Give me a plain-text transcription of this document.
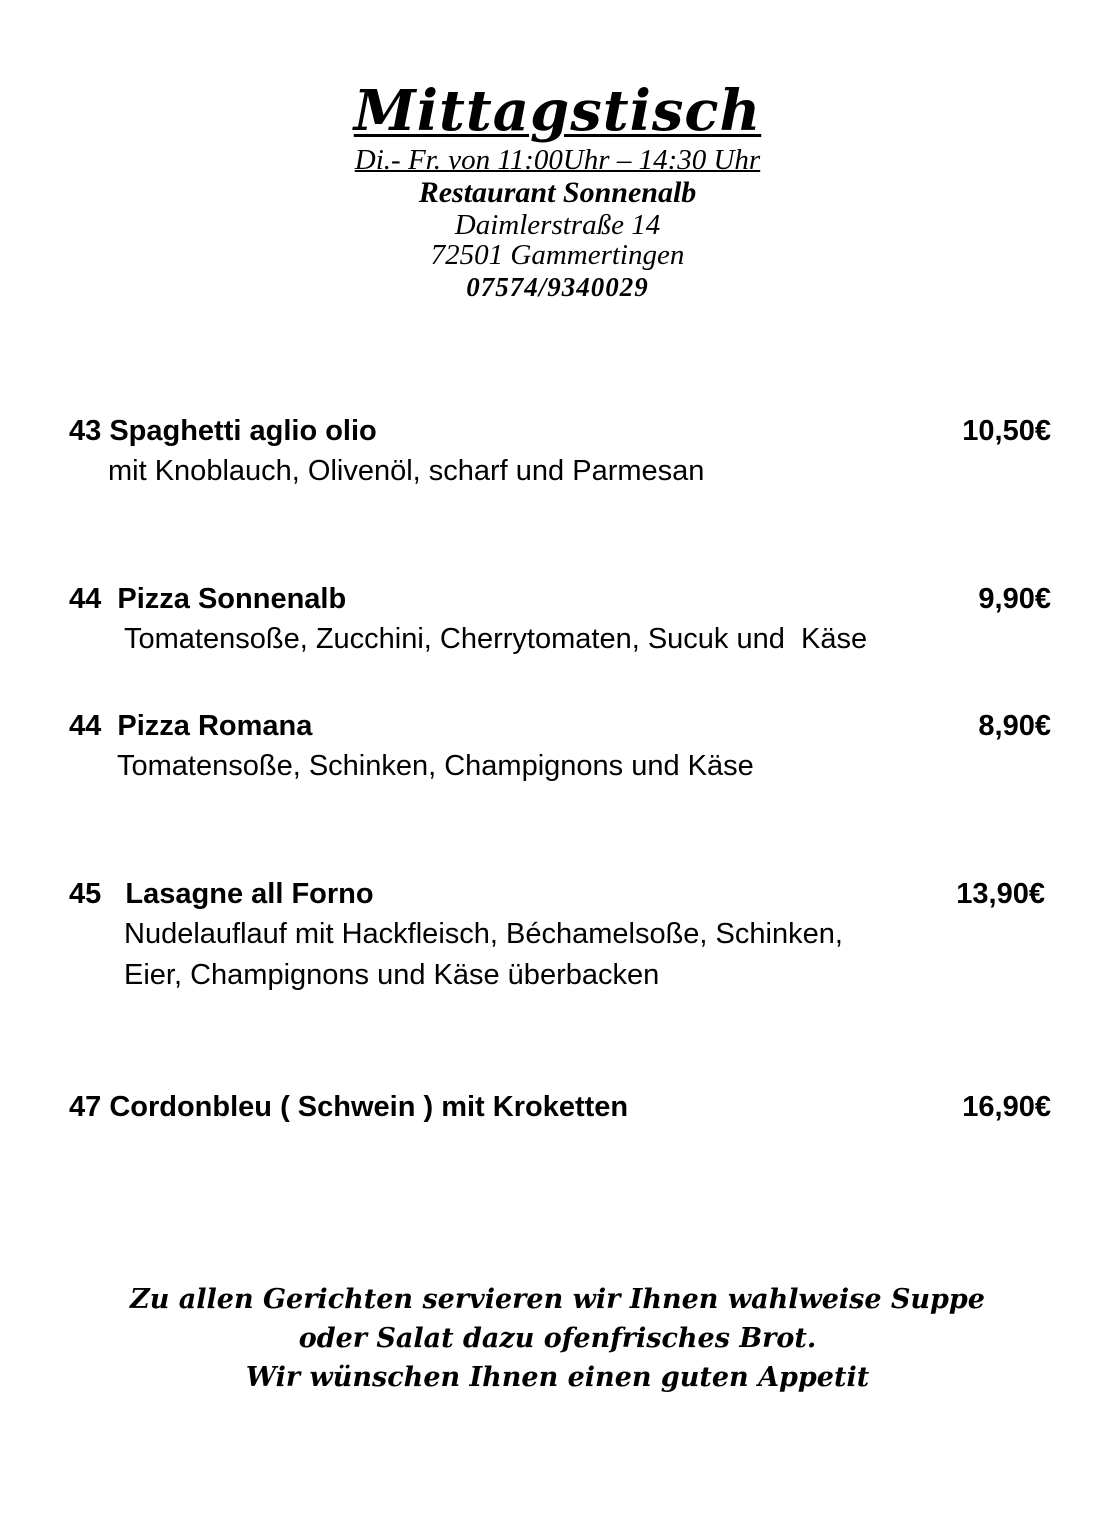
Mittagstisch

Di.- Fr. von 11:00Uhr – 14:30 Uhr

Restaurant Sonnenalb

Daimlerstraße 14

72501 Gammertingen

07574/9340029

43 Spaghetti aglio olio	10,50€
mit Knoblauch, Olivenöl, scharf und Parmesan
44  Pizza Sonnenalb	9,90€
Tomatensoße, Zucchini, Cherrytomaten, Sucuk und  Käse
44  Pizza Romana	8,90€
Tomatensoße, Schinken, Champignons und Käse
45   Lasagne all Forno	13,90€
Nudelauflauf mit Hackfleisch, Béchamelsoße, Schinken,
Eier, Champignons und Käse überbacken
47 Cordonbleu ( Schwein ) mit Kroketten	16,90€

Zu allen Gerichten servieren wir Ihnen wahlweise Suppe

oder Salat dazu ofenfrisches Brot.

Wir wünschen Ihnen einen guten Appetit
